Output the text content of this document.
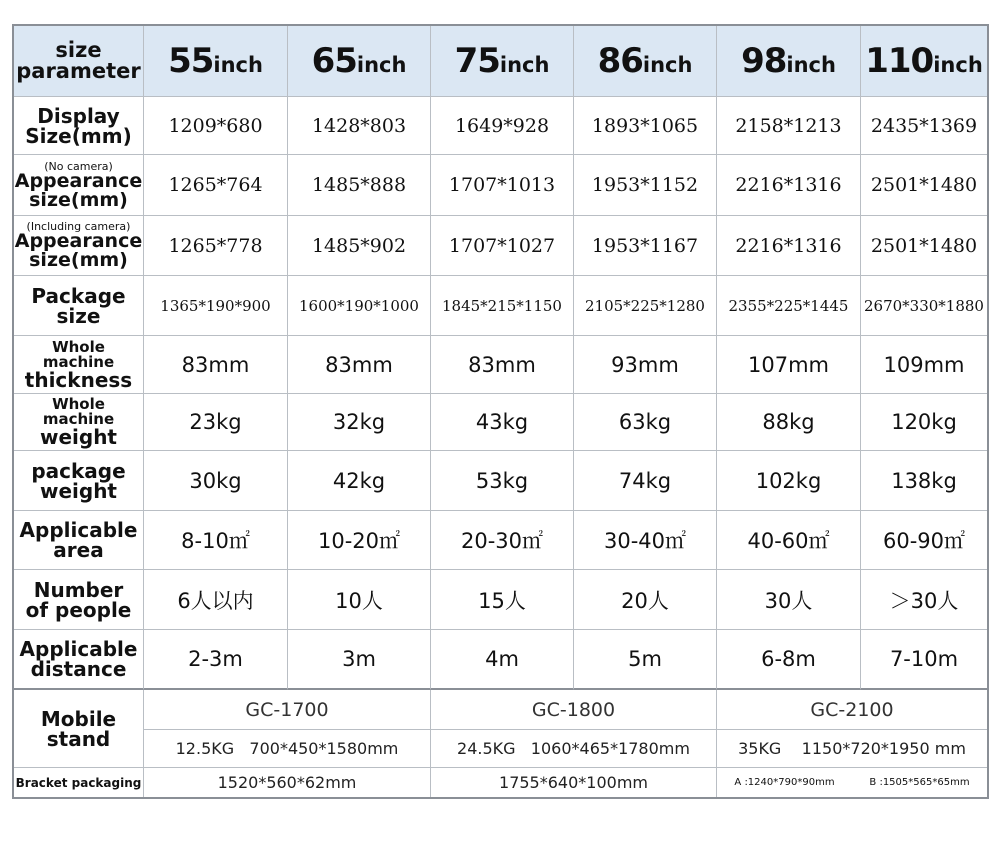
size
parameter 55inch 65inch 75inch 86inch 98inch 110inch
Display
Size(mm)	1209*680	1428*803	1649*928	1893*1065	2158*1213	2435*1369
(No camera)
Appearance
size(mm)
1265*764	1485*888	1707*1013	1953*1152	2216*1316	2501*1480
(Including camera)
Appearance
size(mm)
1265*778	1485*902	1707*1027	1953*1167	2216*1316	2501*1480
Package
size	1365*190*900	1600*190*1000	1845*215*1150	2105*225*1280	2355*225*1445	2670*330*1880
Whole machine
thickness
83mm	83mm	83mm	93mm	107mm	109mm
Whole machine
weight
23kg	32kg	43kg	63kg	88kg	120kg
package
weight	30kg	42kg	53kg	74kg	102kg	138kg
Applicable
area	8-10㎡	10-20㎡	20-30㎡	30-40㎡	40-60㎡	60-90㎡
Number
of people	6人以内	10人	15人	20人	30人	＞30人
Applicable
distance	2-3m	3m	4m	5m	6-8m	7-10m
Mobile
stand
GC-1700	GC-1800	GC-2100
12.5KG   700*450*1580mm	24.5KG   1060*465*1780mm	35KG    1150*720*1950 mm
Bracket packaging	1520*560*62mm	1755*640*100mm	A :1240*790*90mm	B :1505*565*65mm
